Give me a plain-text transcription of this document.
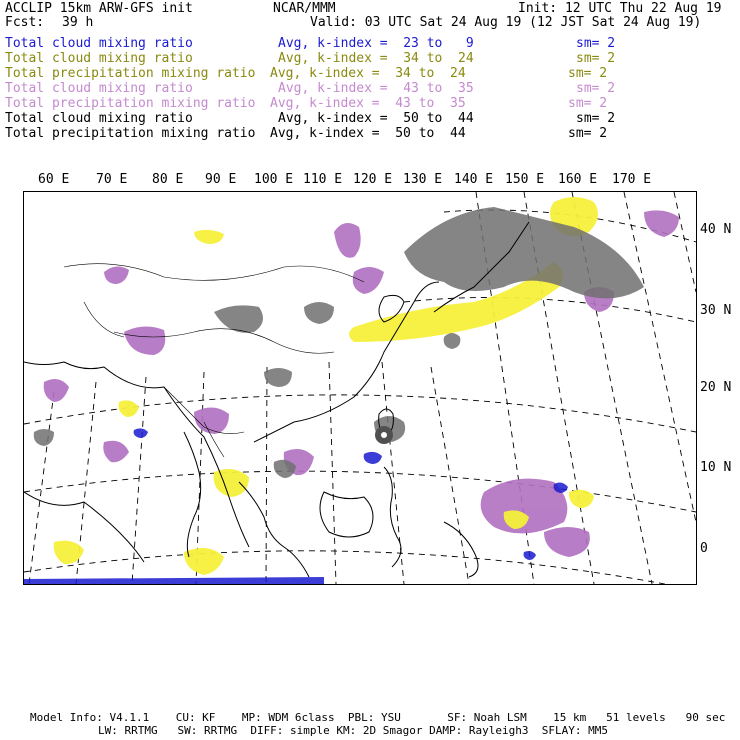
ACCLIP 15km ARW-GFS init	NCAR/MMM	Init: 12 UTC Thu 22 Aug 19
Fcst: 39 h	Valid: 03 UTC Sat 24 Aug 19 (12 JST Sat 24 Aug 19)
Total cloud mixing ratio	Avg, k-index =  23 to   9	sm= 2
Total cloud mixing ratio	Avg, k-index =  34 to  24	sm= 2
Total precipitation mixing ratio Avg, k-index =  34 to  24	sm= 2
Total cloud mixing ratio	Avg, k-index =  43 to  35	sm= 2
Total precipitation mixing ratio Avg, k-index =  43 to  35	sm= 2
Total cloud mixing ratio	Avg, k-index =  50 to  44	sm= 2
Total precipitation mixing ratio Avg, k-index =  50 to  44	sm= 2
60 E 70 E 80 E 90 E 100 E 110 E 120 E 130 E 140 E 150 E 160 E 170 E
40 N
30 N
20 N
10 N
0
Model Info: V4.1.1    CU: KF    MP: WDM 6class  PBL: YSU       SF: Noah LSM    15 km   51 levels   90 sec
LW: RRTMG   SW: RRTMG  DIFF: simple KM: 2D Smagor DAMP: Rayleigh3  SFLAY: MM5
